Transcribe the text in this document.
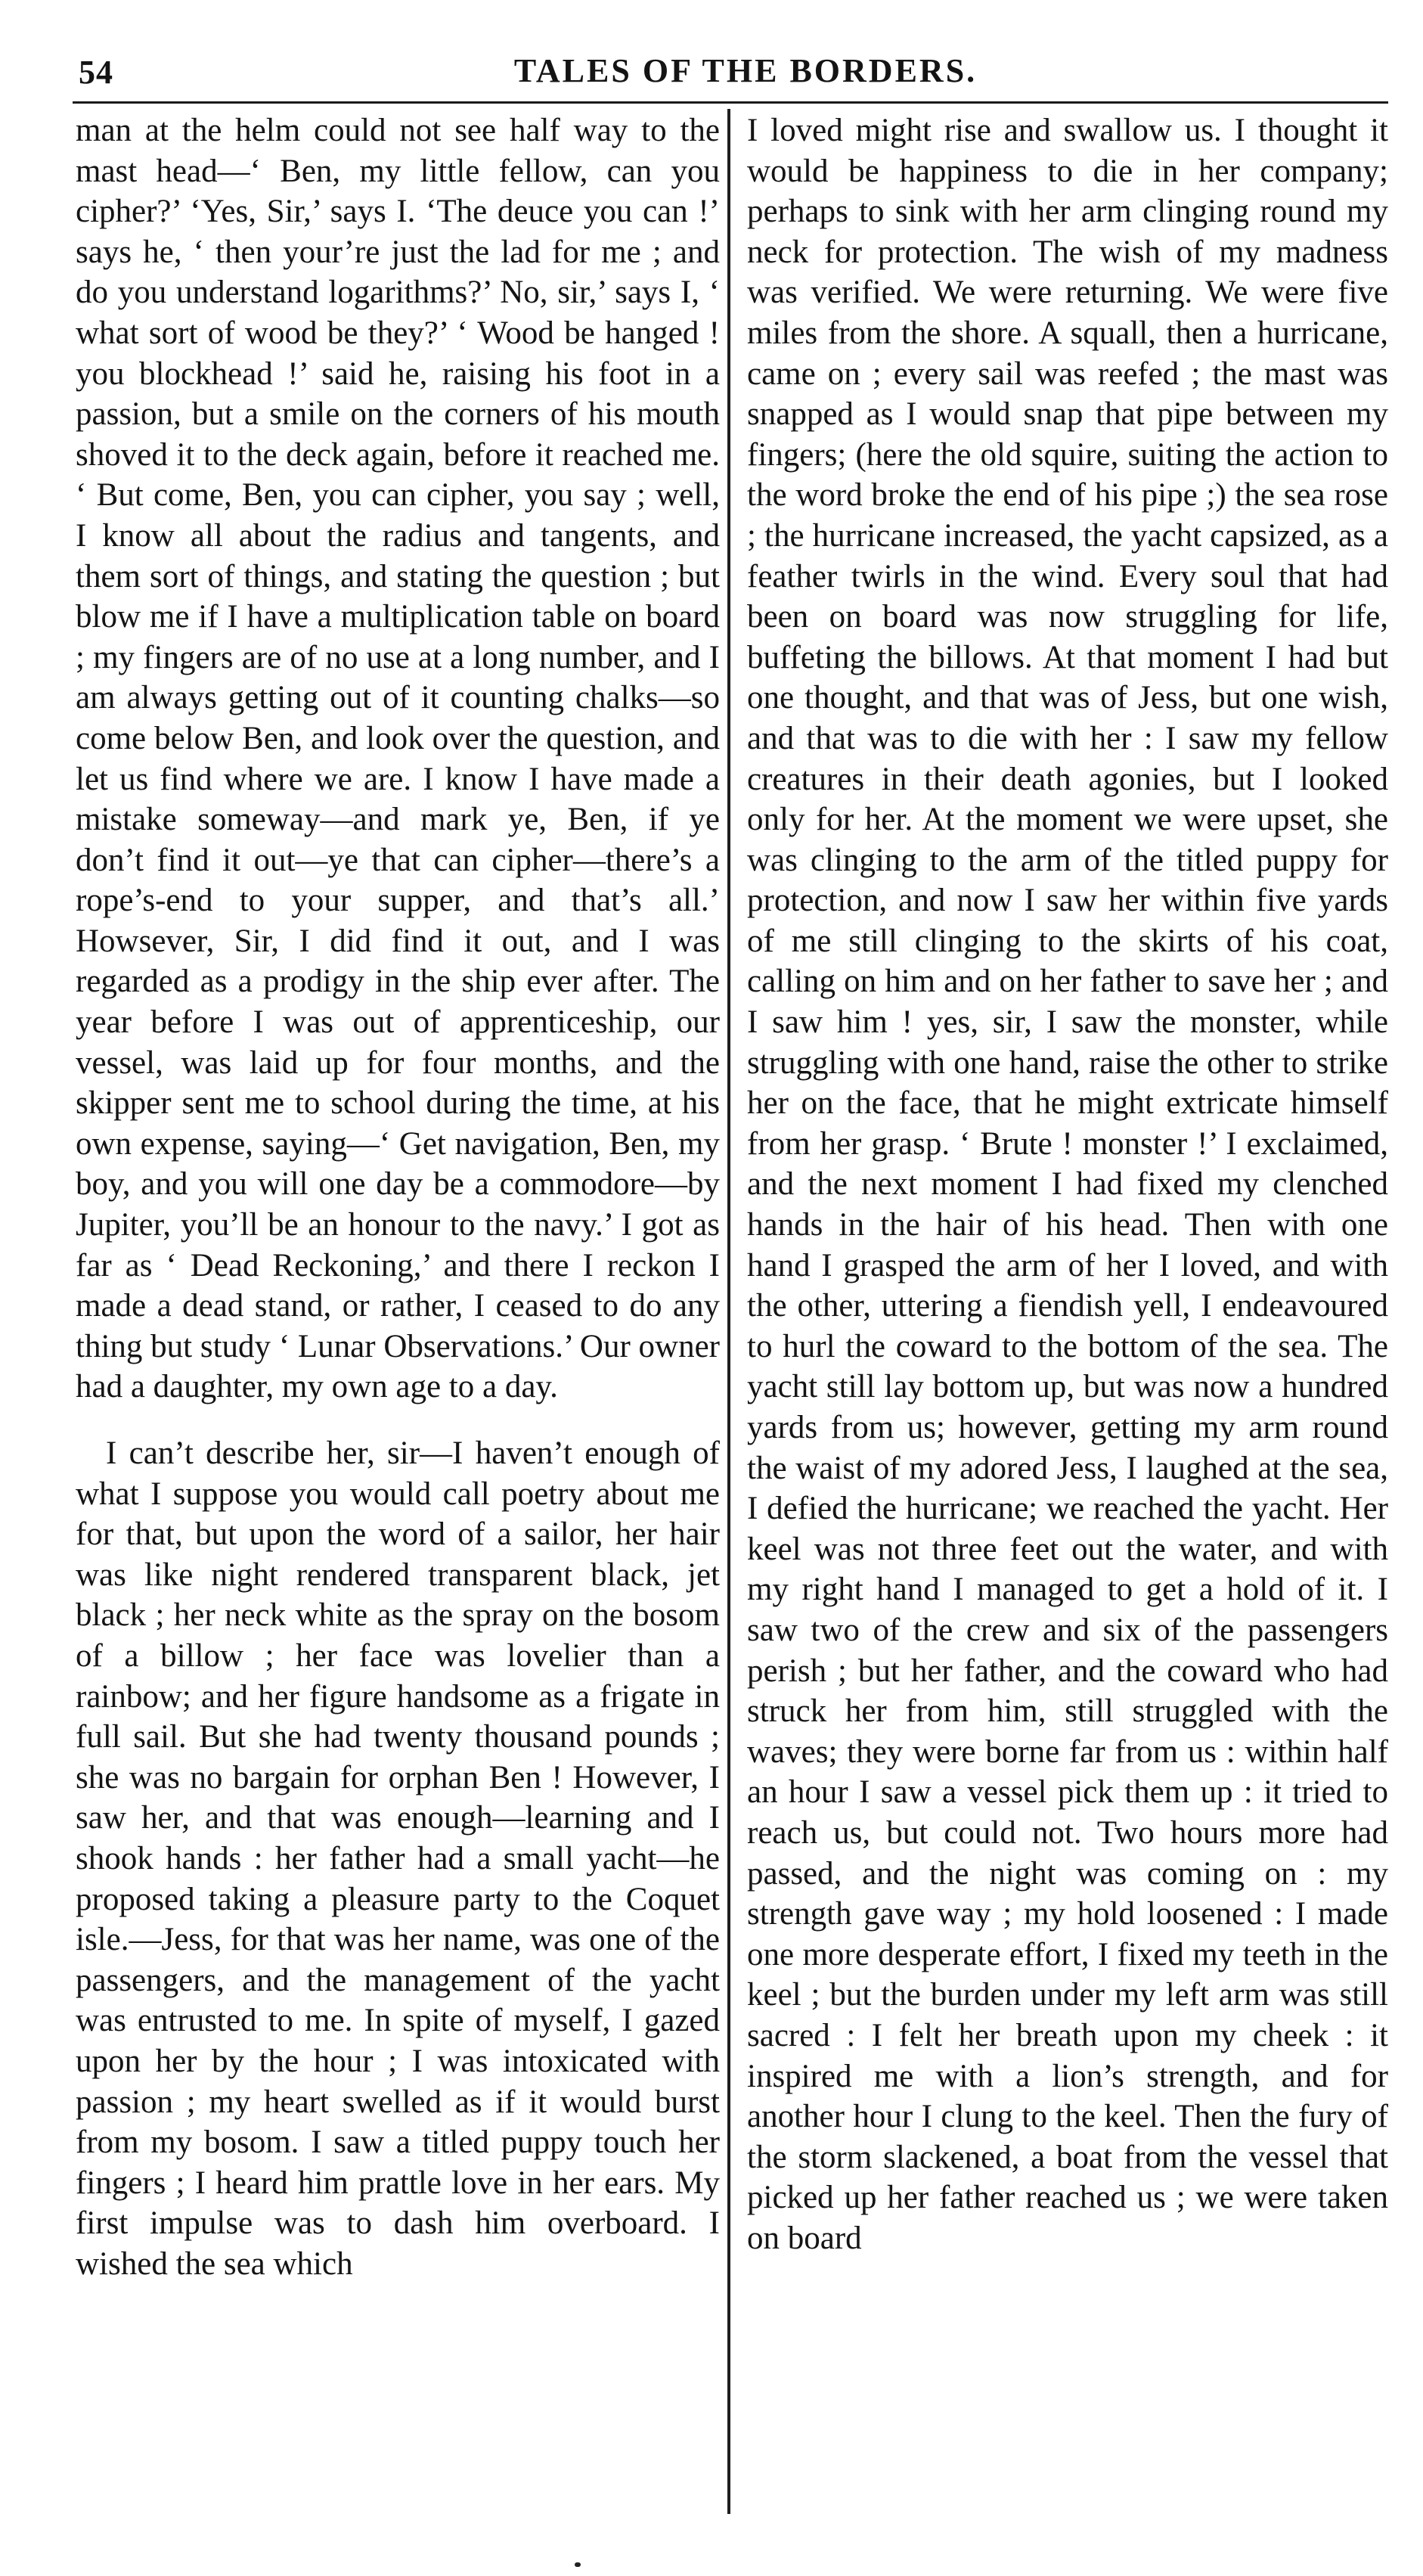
54	TALES OF THE BORDERS.

man at the helm could not see half way to the mast head—‘ Ben, my little fellow, can you cipher?’ ‘Yes, Sir,’ says I. ‘The deuce you can !’ says he, ‘ then your’re just the lad for me ; and do you understand logarithms?’ No, sir,’ says I, ‘ what sort of wood be they?’ ‘ Wood be hanged ! you blockhead !’ said he, raising his foot in a passion, but a smile on the corners of his mouth shoved it to the deck again, before it reached me. ‘ But come, Ben, you can cipher, you say ; well, I know all about the radius and tangents, and them sort of things, and stating the question ; but blow me if I have a multiplication table on board ; my fingers are of no use at a long number, and I am always getting out of it counting chalks—so come below Ben, and look over the question, and let us find where we are. I know I have made a mistake someway—and mark ye, Ben, if ye don’t find it out—ye that can cipher—there’s a rope’s-end to your supper, and that’s all.’ Howsever, Sir, I did find it out, and I was regarded as a prodigy in the ship ever after. The year before I was out of apprenticeship, our vessel, was laid up for four months, and the skipper sent me to school during the time, at his own expense, saying—‘ Get navigation, Ben, my boy, and you will one day be a commodore—by Jupiter, you’ll be an honour to the navy.’ I got as far as ‘ Dead Reckoning,’ and there I reckon I made a dead stand, or rather, I ceased to do any thing but study ‘ Lunar Observations.’ Our owner had a daughter, my own age to a day.

I can’t describe her, sir—I haven’t enough of what I suppose you would call poetry about me for that, but upon the word of a sailor, her hair was like night rendered transparent black, jet black ; her neck white as the spray on the bosom of a billow ; her face was lovelier than a rainbow; and her figure handsome as a frigate in full sail. But she had twenty thousand pounds ; she was no bargain for orphan Ben ! However, I saw her, and that was enough—learning and I shook hands : her father had a small yacht—he proposed taking a pleasure party to the Coquet isle.—Jess, for that was her name, was one of the passengers, and the management of the yacht was entrusted to me. In spite of myself, I gazed upon her by the hour ; I was intoxicated with passion ; my heart swelled as if it would burst from my bosom. I saw a titled puppy touch her fingers ; I heard him prattle love in her ears. My first impulse was to dash him overboard. I wished the sea which

I loved might rise and swallow us. I thought it would be happiness to die in her company; perhaps to sink with her arm clinging round my neck for protection. The wish of my madness was verified. We were returning. We were five miles from the shore. A squall, then a hurricane, came on ; every sail was reefed ; the mast was snapped as I would snap that pipe between my fingers; (here the old squire, suiting the action to the word broke the end of his pipe ;) the sea rose ; the hurricane increased, the yacht capsized, as a feather twirls in the wind. Every soul that had been on board was now struggling for life, buffeting the billows. At that moment I had but one thought, and that was of Jess, but one wish, and that was to die with her : I saw my fellow creatures in their death agonies, but I looked only for her. At the moment we were upset, she was clinging to the arm of the titled puppy for protection, and now I saw her within five yards of me still clinging to the skirts of his coat, calling on him and on her father to save her ; and I saw him ! yes, sir, I saw the monster, while struggling with one hand, raise the other to strike her on the face, that he might extricate himself from her grasp. ‘ Brute ! monster !’ I exclaimed, and the next moment I had fixed my clenched hands in the hair of his head. Then with one hand I grasped the arm of her I loved, and with the other, uttering a fiendish yell, I endeavoured to hurl the coward to the bottom of the sea. The yacht still lay bottom up, but was now a hundred yards from us; however, getting my arm round the waist of my adored Jess, I laughed at the sea, I defied the hurricane; we reached the yacht. Her keel was not three feet out the water, and with my right hand I managed to get a hold of it. I saw two of the crew and six of the passengers perish ; but her father, and the coward who had struck her from him, still struggled with the waves; they were borne far from us : within half an hour I saw a vessel pick them up : it tried to reach us, but could not. Two hours more had passed, and the night was coming on : my strength gave way ; my hold loosened : I made one more desperate effort, I fixed my teeth in the keel ; but the burden under my left arm was still sacred : I felt her breath upon my cheek : it inspired me with a lion’s strength, and for another hour I clung to the keel. Then the fury of the storm slackened, a boat from the vessel that picked up her father reached us ; we were taken on board
